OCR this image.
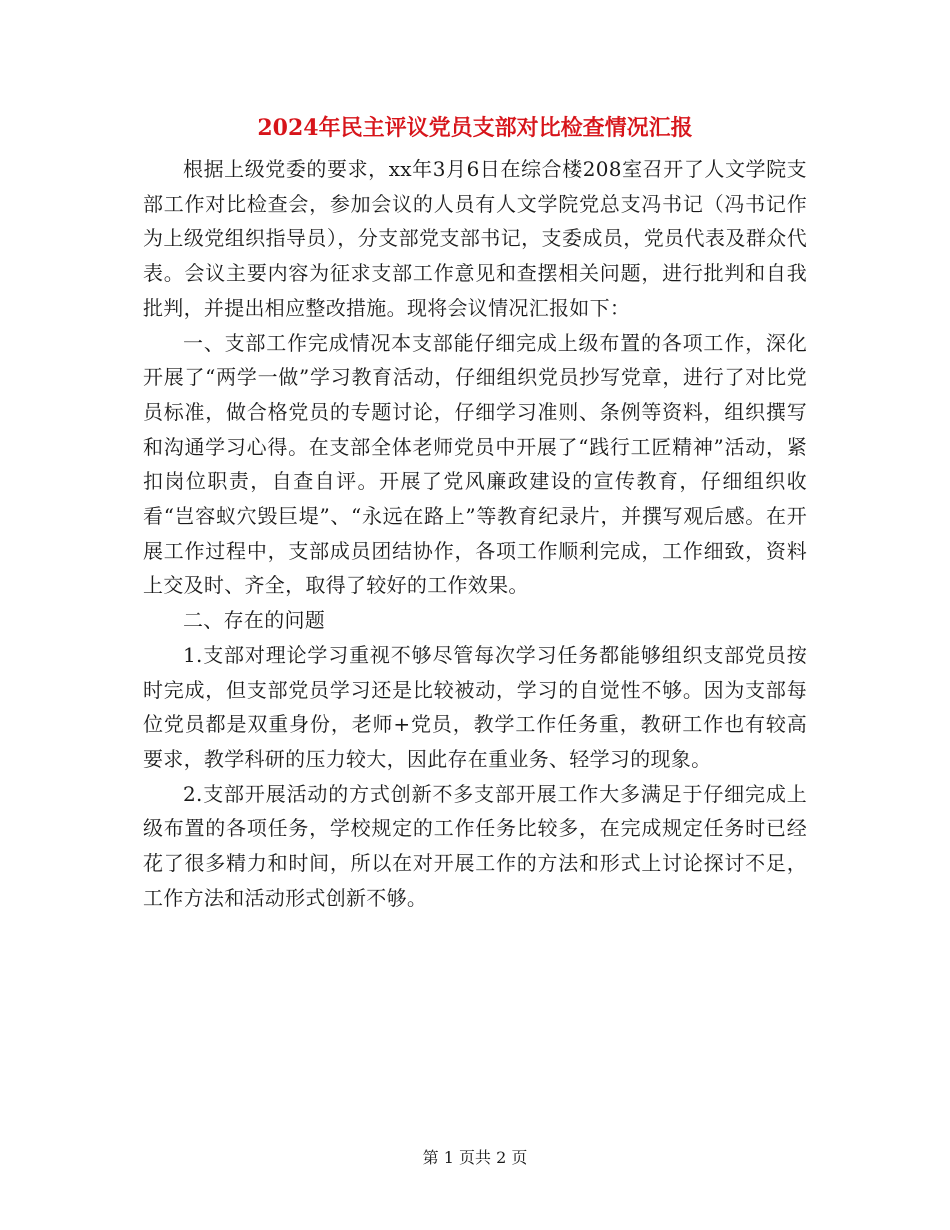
2024年民主评议党员支部对比检查情况汇报

根据上级党委的要求，xx年3月6日在综合楼208室召开了人文学院支部工作对比检查会，参加会议的人员有人文学院党总支冯书记（冯书记作为上级党组织指导员），分支部党支部书记，支委成员，党员代表及群众代表。会议主要内容为征求支部工作意见和查摆相关问题，进行批判和自我批判，并提出相应整改措施。现将会议情况汇报如下：

一、支部工作完成情况本支部能仔细完成上级布置的各项工作，深化开展了“两学一做”学习教育活动，仔细组织党员抄写党章，进行了对比党员标准，做合格党员的专题讨论，仔细学习准则、条例等资料，组织撰写和沟通学习心得。在支部全体老师党员中开展了“践行工匠精神”活动，紧扣岗位职责，自查自评。开展了党风廉政建设的宣传教育，仔细组织收看“岂容蚁穴毁巨堤”、“永远在路上”等教育纪录片，并撰写观后感。在开展工作过程中，支部成员团结协作，各项工作顺利完成，工作细致，资料上交及时、齐全，取得了较好的工作效果。

二、存在的问题

1.支部对理论学习重视不够尽管每次学习任务都能够组织支部党员按时完成，但支部党员学习还是比较被动，学习的自觉性不够。因为支部每位党员都是双重身份，老师+党员，教学工作任务重，教研工作也有较高要求，教学科研的压力较大，因此存在重业务、轻学习的现象。

2.支部开展活动的方式创新不多支部开展工作大多满足于仔细完成上级布置的各项任务，学校规定的工作任务比较多，在完成规定任务时已经花了很多精力和时间，所以在对开展工作的方法和形式上讨论探讨不足，工作方法和活动形式创新不够。

第 1 页共 2 页
